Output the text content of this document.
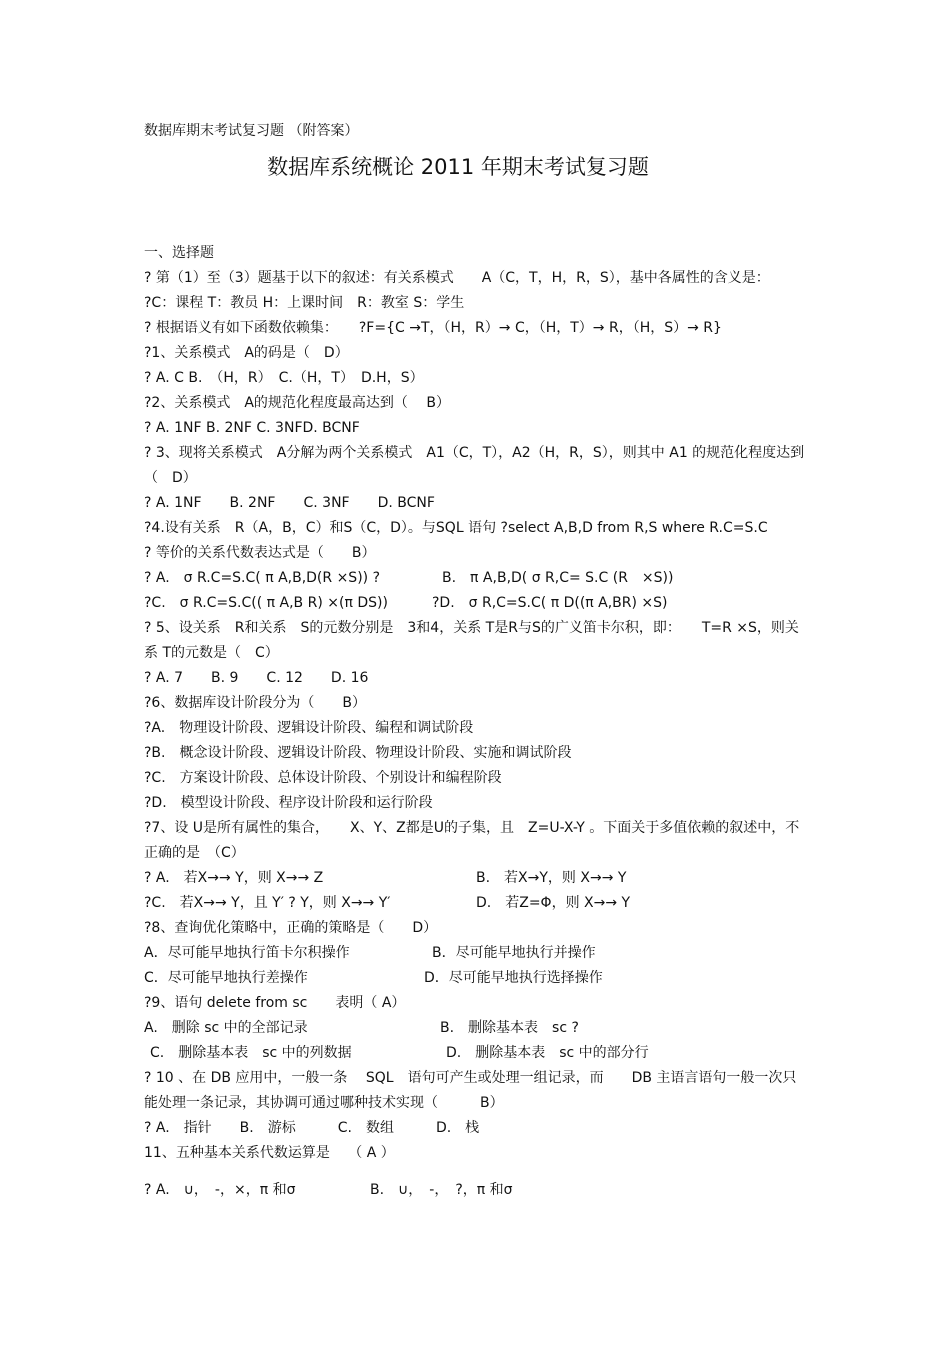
数据库期末考试复习题 （附答案）
数据库系统概论 2011 年期末考试复习题
一、选择题
? 第（1）至（3）题基于以下的叙述：有关系模式　　A（C，T，H，R，S），基中各属性的含义是：
?C：课程 T：教员 H：上课时间　R：教室 S：学生
? 根据语义有如下函数依赖集：　　?F={C →T，（H，R）→ C，（H，T）→ R，（H，S）→ R}
?1、关系模式　A的码是（　D）
? A. C B.　（H，R）　C.（H，T）　D.H，S）
?2、关系模式　A的规范化程度最高达到（　 B）
? A. 1NF B. 2NF C. 3NFD. BCNF
? 3、现将关系模式　A分解为两个关系模式　A1（C，T），A2（H，R，S），则其中 A1 的规范化程度达到（　D）
? A. 1NF　　B. 2NF　　C. 3NF　　D. BCNF
?4.设有关系　R（A，B，C）和S（C，D）。与SQL 语句 ?select A,B,D from R,S where R.C=S.C
? 等价的关系代数表达式是（　　B）
? A.　σ R.C=S.C( π A,B,D(R ×S)) ?	B.　π A,B,D( σ R,C= S.C (R　×S))
?C.　σ R.C=S.C(( π A,B R) ×(π DS))	?D.　σ R,C=S.C( π D((π A,BR) ×S)
? 5、设关系　R和关系　S的元数分别是　3和4，关系 T是R与S的广义笛卡尔积，即：　　T=R ×S，则关系 T的元数是（　C）
? A. 7　　B. 9　　C. 12　　D. 16
?6、数据库设计阶段分为（　　B）
?A.　物理设计阶段、逻辑设计阶段、编程和调试阶段
?B.　概念设计阶段、逻辑设计阶段、物理设计阶段、实施和调试阶段
?C.　方案设计阶段、总体设计阶段、个别设计和编程阶段
?D.　模型设计阶段、程序设计阶段和运行阶段
?7、设 U是所有属性的集合，　　X、Y、Z都是U的子集，且　Z=U-X-Y 。下面关于多值依赖的叙述中，不正确的是　（C）
? A.　若X→→ Y，则 X→→ Z	B.　若X→Y，则 X→→ Y
?C.　若X→→ Y，且 Y′ ? Y，则 X→→ Y′	D.　若Z=Φ，则 X→→ Y
?8、查询优化策略中，正确的策略是（　　D）
A．尽可能早地执行笛卡尔积操作	B．尽可能早地执行并操作
C．尽可能早地执行差操作	D．尽可能早地执行选择操作
?9、语句 delete from sc　　表明（ A）
A.　删除 sc 中的全部记录	B.　删除基本表　sc ?
C.　删除基本表　sc 中的列数据	D.　删除基本表　sc 中的部分行
? 10 、在 DB 应用中，一般一条　 SQL　语句可产生或处理一组记录，而　　DB 主语言语句一般一次只能处理一条记录，其协调可通过哪种技术实现（　　　B）
? A.　指针　　B.　游标　　　C.　数组　　　D.　栈
11、五种基本关系代数运算是　 （ A ）
? A.　∪，　-，×，π 和σ	B.　∪，　-，　?，π 和σ
